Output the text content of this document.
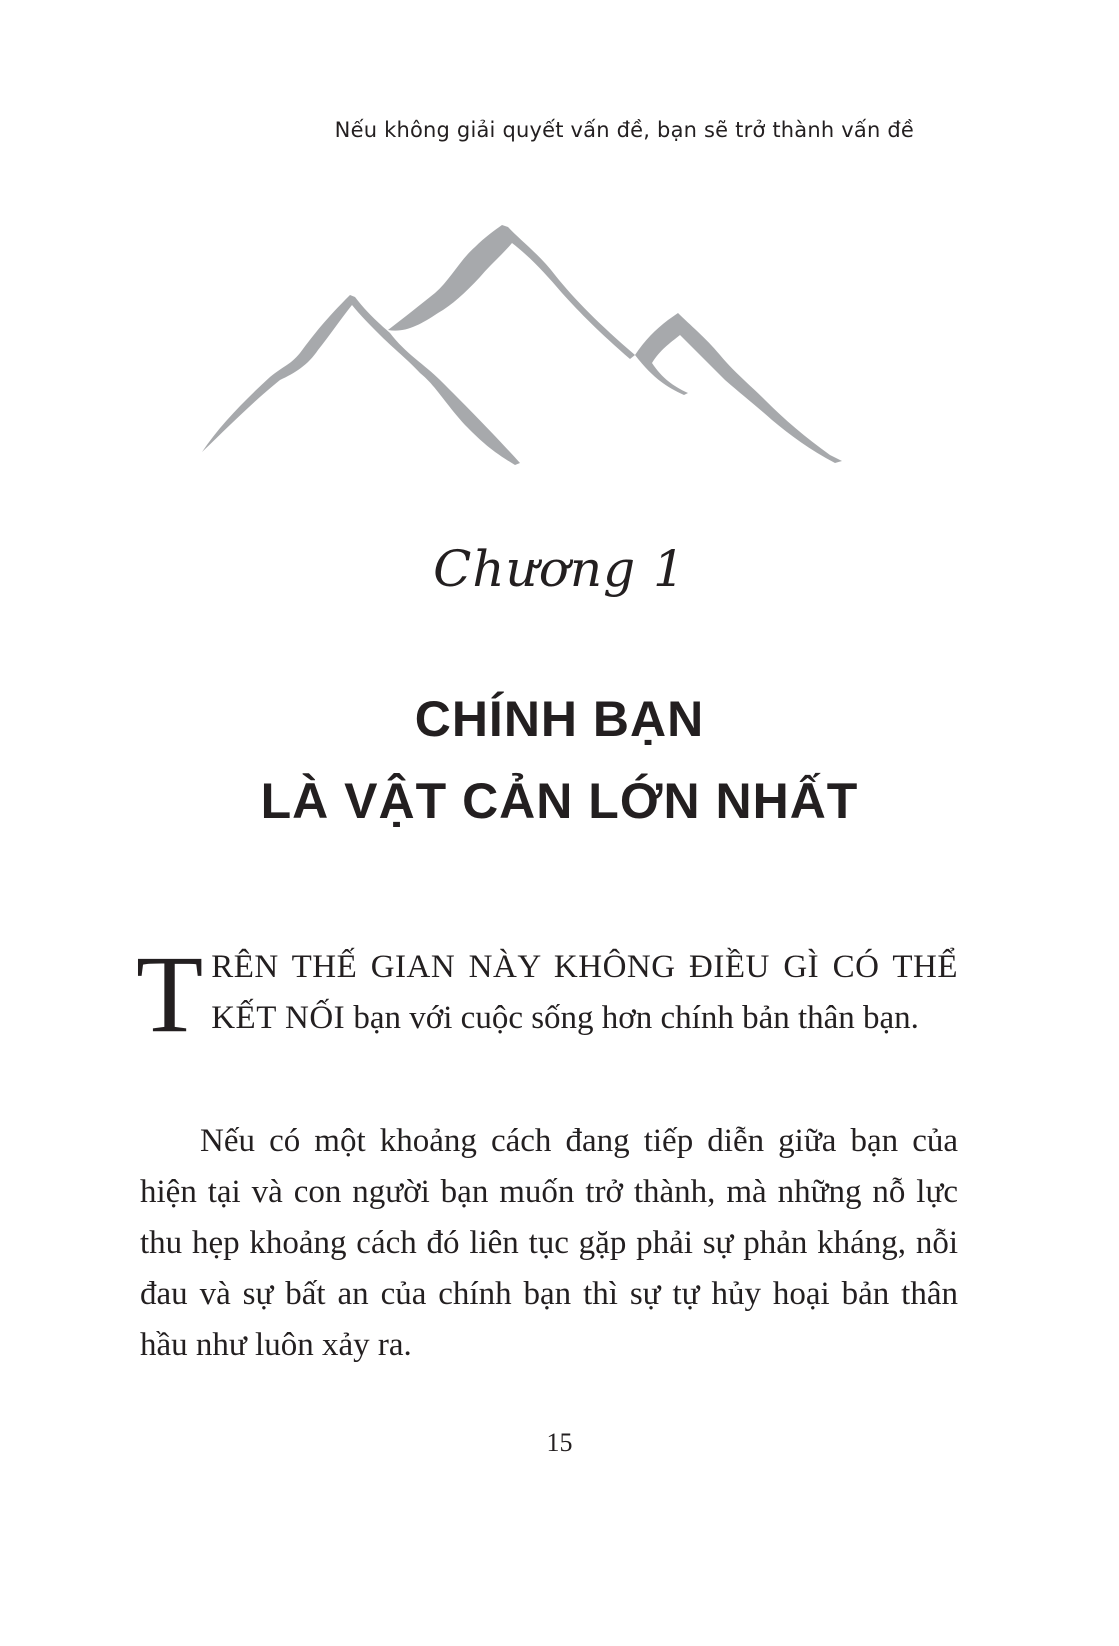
Nếu không giải quyết vấn đề, bạn sẽ trở thành vấn đề
Chương 1
CHÍNH BẠN
LÀ VẬT CẢN LỚN NHẤT
TRÊN THẾ GIAN NÀY KHÔNG ĐIỀU GÌ CÓ THỂ KẾT NỐI bạn với cuộc sống hơn chính bản thân bạn.
Nếu có một khoảng cách đang tiếp diễn giữa bạn của hiện tại và con người bạn muốn trở thành, mà những nỗ lực thu hẹp khoảng cách đó liên tục gặp phải sự phản kháng, nỗi đau và sự bất an của chính bạn thì sự tự hủy hoại bản thân hầu như luôn xảy ra.
15
